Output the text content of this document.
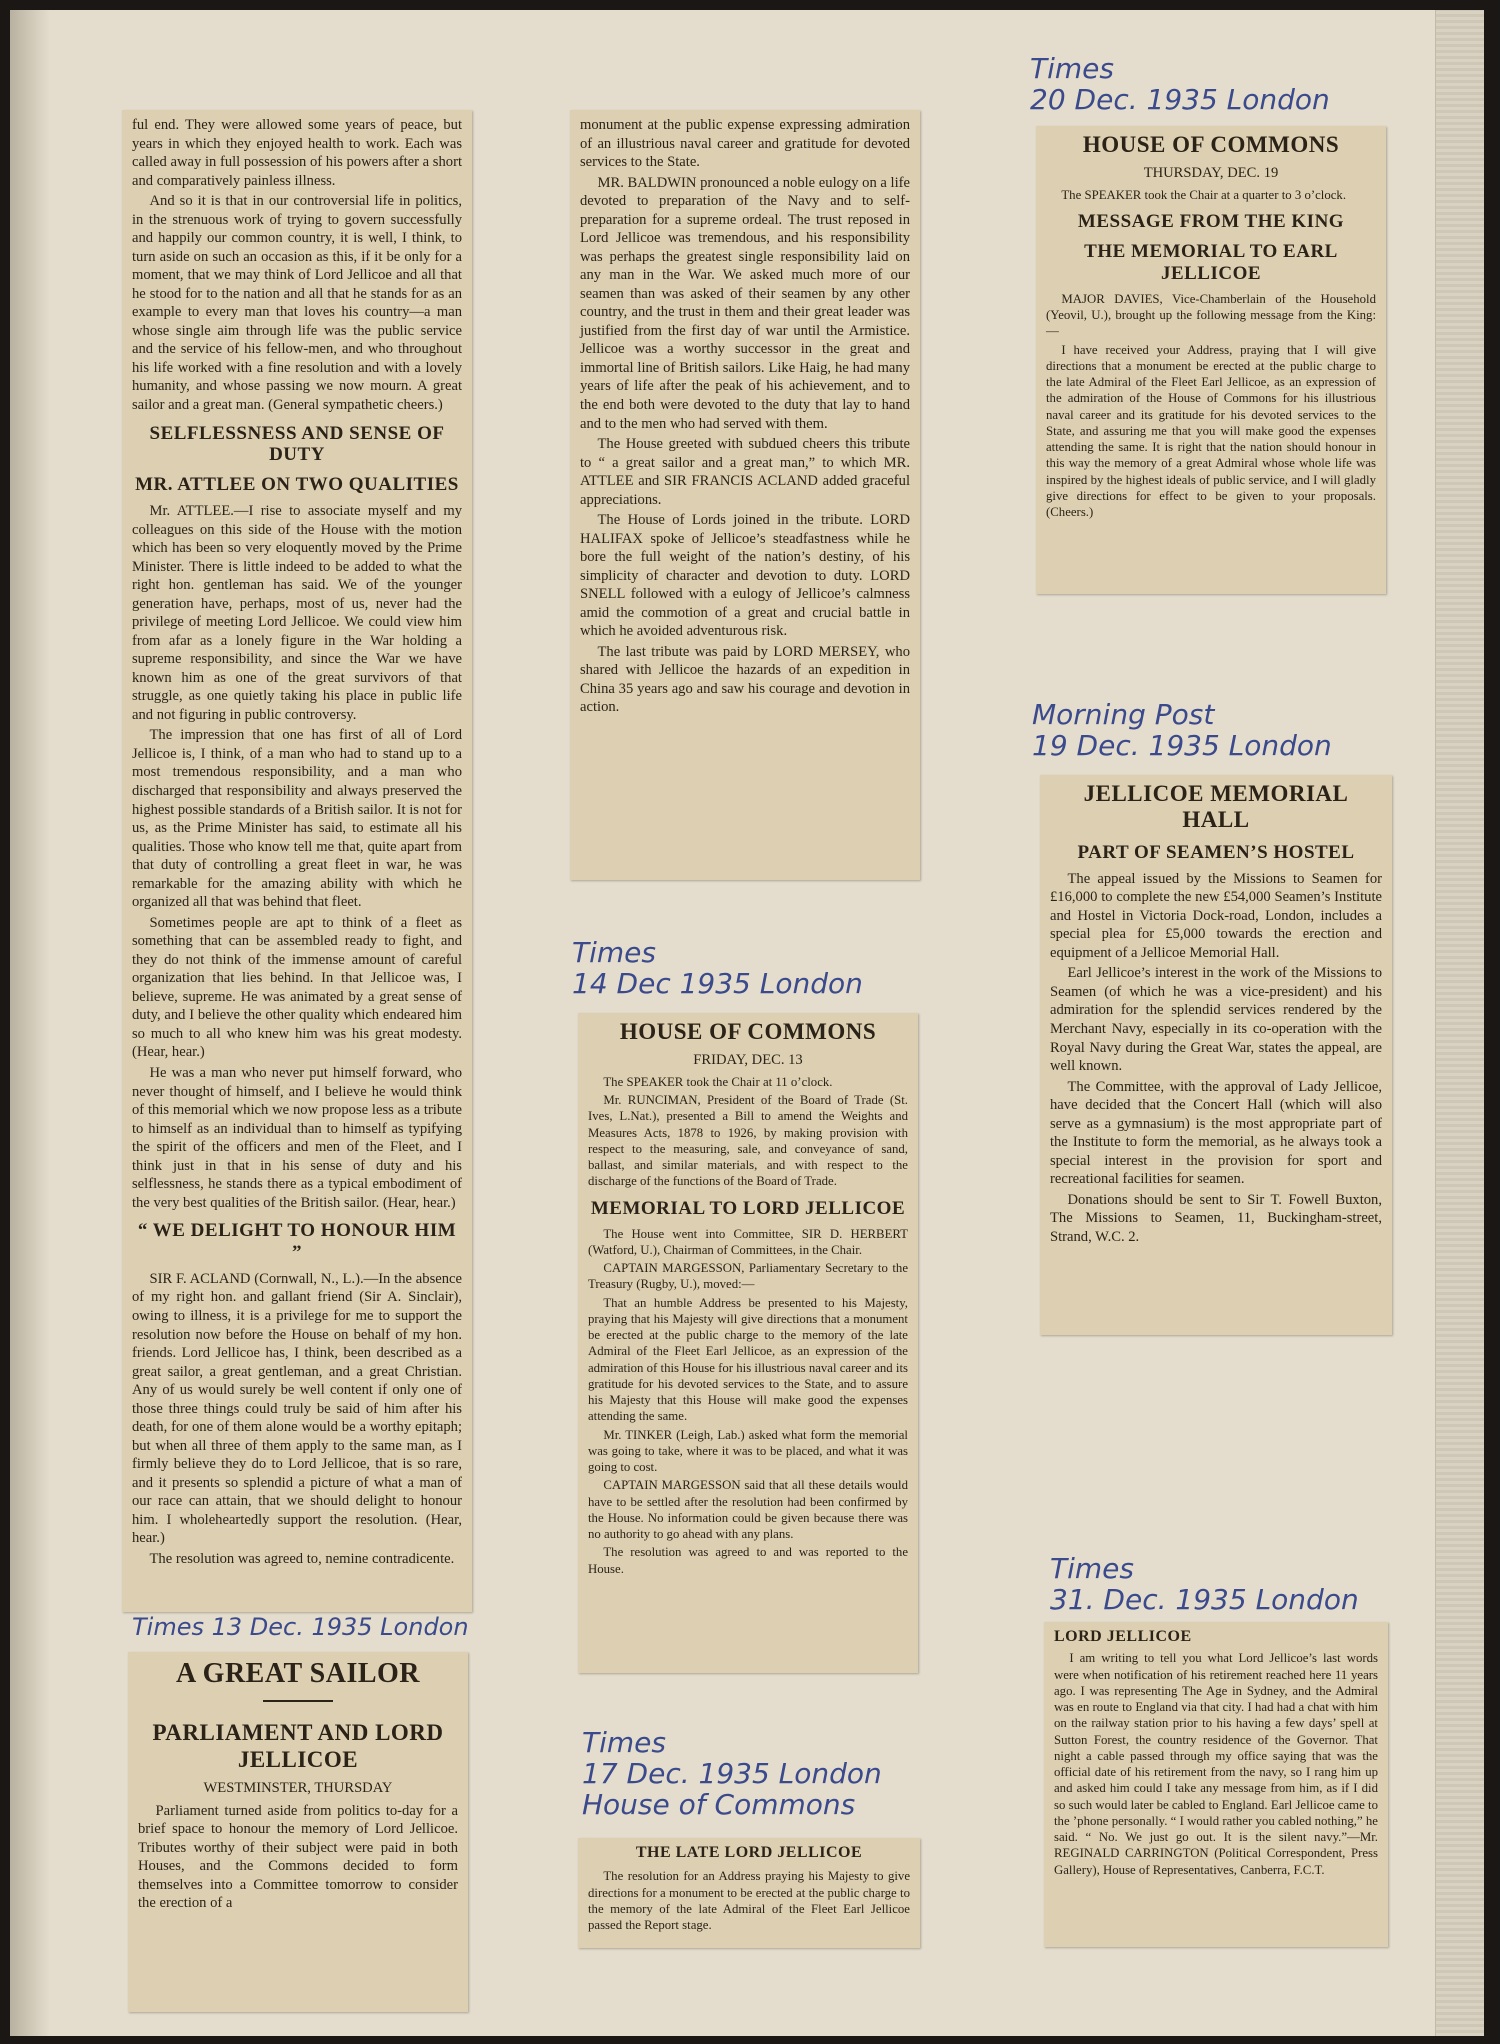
ful end. They were allowed some years of peace, but years in which they enjoyed health to work. Each was called away in full possession of his powers after a short and comparatively painless illness.

And so it is that in our controversial life in politics, in the strenuous work of trying to govern successfully and happily our common country, it is well, I think, to turn aside on such an occasion as this, if it be only for a moment, that we may think of Lord Jellicoe and all that he stood for to the nation and all that he stands for as an example to every man that loves his country—a man whose single aim through life was the public service and the service of his fellow-men, and who throughout his life worked with a fine resolution and with a lovely humanity, and whose passing we now mourn. A great sailor and a great man. (General sympathetic cheers.)

SELFLESSNESS AND SENSE OF DUTY
MR. ATTLEE ON TWO QUALITIES

Mr. ATTLEE.—I rise to associate myself and my colleagues on this side of the House with the motion which has been so very eloquently moved by the Prime Minister. There is little indeed to be added to what the right hon. gentleman has said. We of the younger generation have, perhaps, most of us, never had the privilege of meeting Lord Jellicoe. We could view him from afar as a lonely figure in the War holding a supreme responsibility, and since the War we have known him as one of the great survivors of that struggle, as one quietly taking his place in public life and not figuring in public controversy.

The impression that one has first of all of Lord Jellicoe is, I think, of a man who had to stand up to a most tremendous responsibility, and a man who discharged that responsibility and always preserved the highest possible standards of a British sailor. It is not for us, as the Prime Minister has said, to estimate all his qualities. Those who know tell me that, quite apart from that duty of controlling a great fleet in war, he was remarkable for the amazing ability with which he organized all that was behind that fleet.

Sometimes people are apt to think of a fleet as something that can be assembled ready to fight, and they do not think of the immense amount of careful organization that lies behind. In that Jellicoe was, I believe, supreme. He was animated by a great sense of duty, and I believe the other quality which endeared him so much to all who knew him was his great modesty. (Hear, hear.)

He was a man who never put himself forward, who never thought of himself, and I believe he would think of this memorial which we now propose less as a tribute to himself as an individual than to himself as typifying the spirit of the officers and men of the Fleet, and I think just in that in his sense of duty and his selflessness, he stands there as a typical embodiment of the very best qualities of the British sailor. (Hear, hear.)

“ WE DELIGHT TO HONOUR HIM ”

SIR F. ACLAND (Cornwall, N., L.).—In the absence of my right hon. and gallant friend (Sir A. Sinclair), owing to illness, it is a privilege for me to support the resolution now before the House on behalf of my hon. friends. Lord Jellicoe has, I think, been described as a great sailor, a great gentleman, and a great Christian. Any of us would surely be well content if only one of those three things could truly be said of him after his death, for one of them alone would be a worthy epitaph; but when all three of them apply to the same man, as I firmly believe they do to Lord Jellicoe, that is so rare, and it presents so splendid a picture of what a man of our race can attain, that we should delight to honour him. I wholeheartedly support the resolution. (Hear, hear.)

The resolution was agreed to, nemine contradicente.

Times 13 Dec. 1935 London
A GREAT SAILOR
PARLIAMENT AND LORD JELLICOE
WESTMINSTER, THURSDAY

Parliament turned aside from politics to-day for a brief space to honour the memory of Lord Jellicoe. Tributes worthy of their subject were paid in both Houses, and the Commons decided to form themselves into a Committee tomorrow to consider the erection of a

monument at the public expense expressing admiration of an illustrious naval career and gratitude for devoted services to the State.

MR. BALDWIN pronounced a noble eulogy on a life devoted to preparation of the Navy and to self-preparation for a supreme ordeal. The trust reposed in Lord Jellicoe was tremendous, and his responsibility was perhaps the greatest single responsibility laid on any man in the War. We asked much more of our seamen than was asked of their seamen by any other country, and the trust in them and their great leader was justified from the first day of war until the Armistice. Jellicoe was a worthy successor in the great and immortal line of British sailors. Like Haig, he had many years of life after the peak of his achievement, and to the end both were devoted to the duty that lay to hand and to the men who had served with them.

The House greeted with subdued cheers this tribute to “ a great sailor and a great man,” to which MR. ATTLEE and SIR FRANCIS ACLAND added graceful appreciations.

The House of Lords joined in the tribute. LORD HALIFAX spoke of Jellicoe’s steadfastness while he bore the full weight of the nation’s destiny, of his simplicity of character and devotion to duty. LORD SNELL followed with a eulogy of Jellicoe’s calmness amid the commotion of a great and crucial battle in which he avoided adventurous risk.

The last tribute was paid by LORD MERSEY, who shared with Jellicoe the hazards of an expedition in China 35 years ago and saw his courage and devotion in action.

Times
14 Dec 1935 London
HOUSE OF COMMONS
FRIDAY, DEC. 13

The SPEAKER took the Chair at 11 o’clock.

Mr. RUNCIMAN, President of the Board of Trade (St. Ives, L.Nat.), presented a Bill to amend the Weights and Measures Acts, 1878 to 1926, by making provision with respect to the measuring, sale, and conveyance of sand, ballast, and similar materials, and with respect to the discharge of the functions of the Board of Trade.

MEMORIAL TO LORD JELLICOE

The House went into Committee, SIR D. HERBERT (Watford, U.), Chairman of Committees, in the Chair.

CAPTAIN MARGESSON, Parliamentary Secretary to the Treasury (Rugby, U.), moved:—

That an humble Address be presented to his Majesty, praying that his Majesty will give directions that a monument be erected at the public charge to the memory of the late Admiral of the Fleet Earl Jellicoe, as an expression of the admiration of this House for his illustrious naval career and its gratitude for his devoted services to the State, and to assure his Majesty that this House will make good the expenses attending the same.

Mr. TINKER (Leigh, Lab.) asked what form the memorial was going to take, where it was to be placed, and what it was going to cost.

CAPTAIN MARGESSON said that all these details would have to be settled after the resolution had been confirmed by the House. No information could be given because there was no authority to go ahead with any plans.

The resolution was agreed to and was reported to the House.

Times
17 Dec. 1935 London
House of Commons
THE LATE LORD JELLICOE

The resolution for an Address praying his Majesty to give directions for a monument to be erected at the public charge to the memory of the late Admiral of the Fleet Earl Jellicoe passed the Report stage.

Times
20 Dec. 1935 London
HOUSE OF COMMONS
THURSDAY, DEC. 19

The SPEAKER took the Chair at a quarter to 3 o’clock.

MESSAGE FROM THE KING
THE MEMORIAL TO EARL JELLICOE

MAJOR DAVIES, Vice-Chamberlain of the Household (Yeovil, U.), brought up the following message from the King:—

I have received your Address, praying that I will give directions that a monument be erected at the public charge to the late Admiral of the Fleet Earl Jellicoe, as an expression of the admiration of the House of Commons for his illustrious naval career and its gratitude for his devoted services to the State, and assuring me that you will make good the expenses attending the same. It is right that the nation should honour in this way the memory of a great Admiral whose whole life was inspired by the highest ideals of public service, and I will gladly give directions for effect to be given to your proposals. (Cheers.)

Morning Post
19 Dec. 1935 London
JELLICOE MEMORIAL HALL
PART OF SEAMEN’S HOSTEL

The appeal issued by the Missions to Seamen for £16,000 to complete the new £54,000 Seamen’s Institute and Hostel in Victoria Dock-road, London, includes a special plea for £5,000 towards the erection and equipment of a Jellicoe Memorial Hall.

Earl Jellicoe’s interest in the work of the Missions to Seamen (of which he was a vice-president) and his admiration for the splendid services rendered by the Merchant Navy, especially in its co-operation with the Royal Navy during the Great War, states the appeal, are well known.

The Committee, with the approval of Lady Jellicoe, have decided that the Concert Hall (which will also serve as a gymnasium) is the most appropriate part of the Institute to form the memorial, as he always took a special interest in the provision for sport and recreational facilities for seamen.

Donations should be sent to Sir T. Fowell Buxton, The Missions to Seamen, 11, Buckingham-street, Strand, W.C. 2.

Times
31. Dec. 1935 London
LORD JELLICOE

I am writing to tell you what Lord Jellicoe’s last words were when notification of his retirement reached here 11 years ago. I was representing The Age in Sydney, and the Admiral was en route to England via that city. I had had a chat with him on the railway station prior to his having a few days’ spell at Sutton Forest, the country residence of the Governor. That night a cable passed through my office saying that was the official date of his retirement from the navy, so I rang him up and asked him could I take any message from him, as if I did so such would later be cabled to England. Earl Jellicoe came to the ’phone personally. “ I would rather you cabled nothing,” he said. “ No. We just go out. It is the silent navy.”—Mr. REGINALD CARRINGTON (Political Correspondent, Press Gallery), House of Representatives, Canberra, F.C.T.
